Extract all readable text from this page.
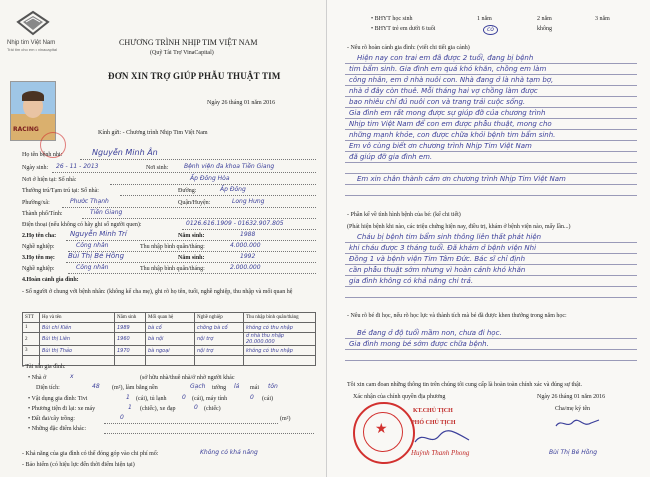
Nhịp tim Việt Nam
Trái tim cho em • vinacapital
CHƯƠNG TRÌNH NHỊP TIM VIỆT NAM
(Quỹ Tài Trợ VinaCapital)
ĐƠN XIN TRỢ GIÚP PHẪU THUẬT TIM
Ngày 26 tháng 01 năm 2016
RACING	Kính gửi: - Chương trình Nhịp Tim Việt Nam
Họ tên bệnh nhi:	Nguyễn Minh Ân
Ngày sinh: 26 - 11 - 2013	Nơi sinh:	Bệnh viện đa khoa Tiền Giang
Nơi ở hiện tại: Số nhà:	Ấp Đông Hòa
Thường trú/Tạm trú tại: Số nhà:	Đường:	Ấp Đông
Phường/xã:	Phước Thạnh	Quận/Huyện:	Long Hưng
Thành phố/Tỉnh:	Tiền Giang
Điện thoại (nếu không có hãy ghi số người quen):	0126.616.1909 - 01632.907.805
2.Họ tên cha: Nguyễn Minh Trí	Năm sinh:	1988
Nghề nghiệp:	Công nhân	Thu nhập bình quân/tháng:	4.000.000
3.Họ tên mẹ: Bùi Thị Bé Hồng	Năm sinh:	1992
Nghề nghiệp:	Công nhân	Thu nhập bình quân/tháng:	2.000.000
4.Hoàn cảnh gia đình:
- Số người ở chung với bệnh nhân: (không kể cha mẹ), ghi rõ họ tên, tuổi, nghề nghiệp, thu nhập và mối quan hệ
STT	Họ và tên	Năm sinh	Mối quan hệ	Nghề nghiệp	Thu nhập bình quân/tháng
1	Bùi chí Kiên	1989	bà cố	chồng bà cố	không có thu nhập
2	Bùi thị Liên	1960	bà nội	nội trợ	ở nhà thu nhập 20.000.000
3	Bùi thị Thảo	1970	bà ngoại	nội trợ	không có thu nhập

- Tài sản gia đình:
• Nhà ở	x	(sở hữu nhà/thuê nhà/ở nhờ người khác
Diện tích:	48 (m²), làm bằng nền	Gạch tường lá mái tôn
• Vật dụng gia đình: Tivi	1 (cái), tủ lạnh	0 (cái), máy tính	0 (cái)
• Phương tiện đi lại: xe máy	1 (chiếc), xe đạp	0 (chiếc)
• Đất đai/cây trồng:	0	(m²)
• Những đặc điểm khác:
- Khả năng của gia đình có thể đóng góp vào chi phí mổ:	Không có khả năng
- Bảo hiểm (có hiệu lực đến thời điểm hiện tại)
• BHYT học sinh	1 năm	2 năm	3 năm
• BHYT trẻ em dưới 6 tuổi	có	không
- Nêu rõ hoàn cảnh gia đình: (viết chi tiết gia cảnh)
Hiện nay con trai em đã được 2 tuổi, đang bị bệnh
tim bẩm sinh. Gia đình em quá khó khăn, chồng em làm
công nhân, em ở nhà nuôi con. Nhà đang ở là nhà tạm bợ,
nhà ở đây còn thuê. Mỗi tháng hai vợ chồng làm được
bao nhiêu chỉ đủ nuôi con và trang trải cuộc sống.
Gia đình em rất mong được sự giúp đỡ của chương trình
Nhịp tim Việt Nam để con em được phẫu thuật, mong cho
những mạnh khỏe, con được chữa khỏi bệnh tim bẩm sinh.
Em vô cùng biết ơn chương trình Nhịp Tim Việt Nam
đã giúp đỡ gia đình em.
Em xin chân thành cảm ơn chương trình Nhịp Tim Việt Nam
- Phần kể về tình hình bệnh của bé: (kể chi tiết)
(Phát hiện bệnh khi nào, các triệu chứng hiện nay, điều trị, khám ở bệnh viện nào, mấy lần...)
Cháu bị bệnh tim bẩm sinh thông liên thất phát hiện
khi cháu được 3 tháng tuổi. Đã khám ở bệnh viện Nhi
Đồng 1 và bệnh viện Tim Tâm Đức. Bác sĩ chỉ định
cần phẫu thuật sớm nhưng vì hoàn cảnh khó khăn
gia đình không có khả năng chi trả.
- Nêu rõ bé đi học, nếu rõ học lực và thành tích mà bé đã được khen thưởng trong năm học:
Bé đang ở độ tuổi mầm non, chưa đi học.
Gia đình mong bé sớm được chữa bệnh.
Tôi xin cam đoan những thông tin trên chúng tôi cung cấp là hoàn toàn chính xác và đúng sự thật.
Xác nhận của chính quyền địa phương
★
KT.CHỦ TỊCH
PHÓ CHỦ TỊCH
Huỳnh Thanh Phong
Ngày 26 tháng 01 năm 2016
Cha/mẹ ký tên
Bùi Thị Bé Hồng
